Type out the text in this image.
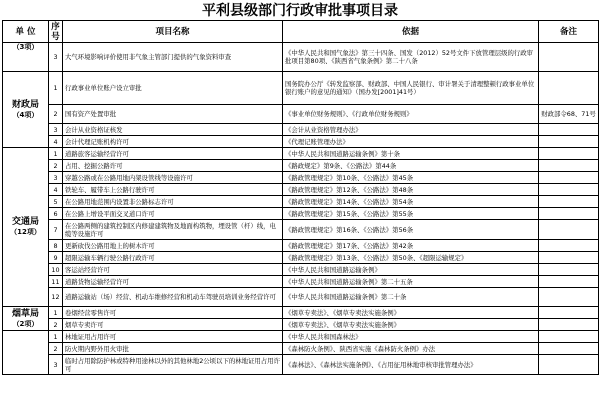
平利县级部门行政审批事项目录
单 位	序号	项目名称	依据	备注

（3项）	3	大气环境影响评价使用非气象主管部门提供的气象资料审查	《中华人民共和国气象法》第三十四条、国发（2012）52号文件下放管理层级的行政审批项目第80项、《陕西省气象条例》第二十八条	

财政局
（4项）	1	行政事业单位账户设立审批	国务院办公厅《转发监察部、财政部、中国人民银行、审计署关于清理整顿行政事业单位银行账户的意见的通知》（国办发[2001]41号）	
	2	国有资产处置审批	《事业单位财务规则》、《行政单位财务规则》	财政部令68、71号
	3	会计从业资格证核发	《会计从业资格管理办法》	
	4	会计代理记账机构许可	《代理记账管理办法》	

交通局
（12项）	1	道路旅客运输经营许可	《中华人民共和国道路运输条例》第十条	
	2	占用、挖掘公路许可	《路政规定》第9条、《公路法》第44条	
	3	穿越公路或在公路用地内架设管线等设施许可	《路政管理规定》第10条、《公路法》第45条	
	4	铁轮车、履带车上公路行驶许可	《路政管理规定》第12条、《公路法》第48条	
	5	在公路用地范围内设置非公路标志许可	《路政管理规定》第14条、《公路法》第54条	
	6	在公路上增设平面交叉道口许可	《路政管理规定》第15条、《公路法》第55条	
	7	在公路两侧的建筑控制区内修建建筑物及地面构筑物，埋设管（杆）线，电缆等设施许可	《路政管理规定》第16条、《公路法》第56条	
	8	更新砍伐公路用地上的树木许可	《路政管理规定》第17条、《公路法》第42条	
	9	超限运输车辆行驶公路行政许可	《路政管理规定》第13条、《公路法》第50条、《超限运输规定》	
	10	客运站经营许可	《中华人民共和国道路运输条例》	
	11	道路货物运输经营许可	《中华人民共和国道路运输条例》第二十五条	
	12	道路运输站（场）经营、机动车维修经营和机动车驾驶员培训业务经营许可	《中华人民共和国道路运输条例》第二十条	

烟草局
（2项）	1	卷烟经营零售许可	《烟草专卖法》、《烟草专卖法实施条例》	
	2	烟草专卖许可	《烟草专卖法》、《烟草专卖法实施条例》	

	1	林地证用占用许可	《中华人民共和国森林法》	
	2	防火期内野外用火审批	《森林防火条例》、陕西省实施《森林防火条例》办法	
	3	临时占用除防护林或特种用途林以外的其他林地2公顷以下的林地证用占用许可	《森林法》、《森林法实施条例》、《占用征用林地审核审批管理办法》	
